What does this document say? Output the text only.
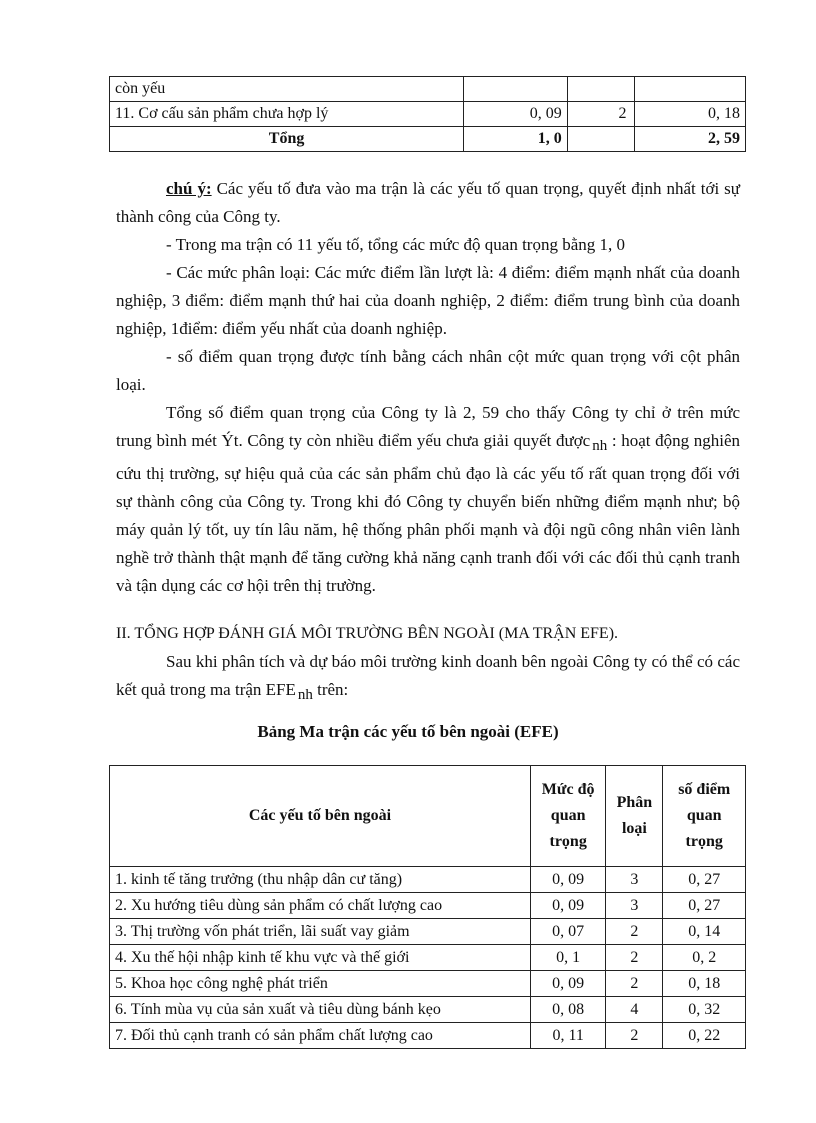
còn yếu			
11. Cơ cấu sản phẩm chưa hợp lý	0, 09	2	0, 18
Tổng	1, 0		2, 59

chú ý: Các yếu tố đưa vào ma trận là các yếu tố quan trọng, quyết định nhất tới sự thành công của Công ty.

- Trong ma trận có 11 yếu tố, tổng các mức độ quan trọng bằng 1, 0

- Các mức phân loại: Các mức điểm lần lượt là: 4 điểm: điểm mạnh nhất của doanh nghiệp, 3 điểm: điểm mạnh thứ hai của doanh nghiệp, 2 điểm: điểm trung bình của doanh nghiệp, 1điểm: điểm yếu nhất của doanh nghiệp.

- số điểm quan trọng được tính bằng cách nhân cột mức quan trọng với cột phân loại.

Tổng số điểm quan trọng của Công ty là 2, 59 cho thấy Công ty chỉ ở trên mức trung bình mét Ýt. Công ty còn nhiều điểm yếu chưa giải quyết được nh : hoạt động nghiên cứu thị trường, sự hiệu quả của các sản phẩm chủ đạo là các yếu tố rất quan trọng đối với sự thành công của Công ty. Trong khi đó Công ty chuyển biến những điểm mạnh như; bộ máy quản lý tốt, uy tín lâu năm, hệ thống phân phối mạnh và đội ngũ công nhân viên lành nghề trở thành thật mạnh để tăng cường khả năng cạnh tranh đối với các đối thủ cạnh tranh và tận dụng các cơ hội trên thị trường.

II. TỔNG HỢP ĐÁNH GIÁ MÔI TRƯỜNG BÊN NGOÀI (MA TRẬN EFE).

Sau khi phân tích và dự báo môi trường kinh doanh bên ngoài Công ty có thể có các kết quả trong ma trận EFE nh trên:

Bảng Ma trận các yếu tố bên ngoài (EFE)
Các yếu tố bên ngoài	Mức độ quan trọng	Phân loại	số điểm quan trọng
1. kinh tế tăng trưởng (thu nhập dân cư tăng)	0, 09	3	0, 27
2. Xu hướng tiêu dùng sản phẩm có chất lượng cao	0, 09	3	0, 27
3. Thị trường vốn phát triển, lãi suất vay giảm	0, 07	2	0, 14
4. Xu thế hội nhập kinh tế khu vực và thế giới	0, 1	2	0, 2
5. Khoa học công nghệ phát triển	0, 09	2	0, 18
6. Tính mùa vụ của sản xuất và tiêu dùng bánh kẹo	0, 08	4	0, 32
7. Đối thủ cạnh tranh có sản phẩm chất lượng cao	0, 11	2	0, 22
